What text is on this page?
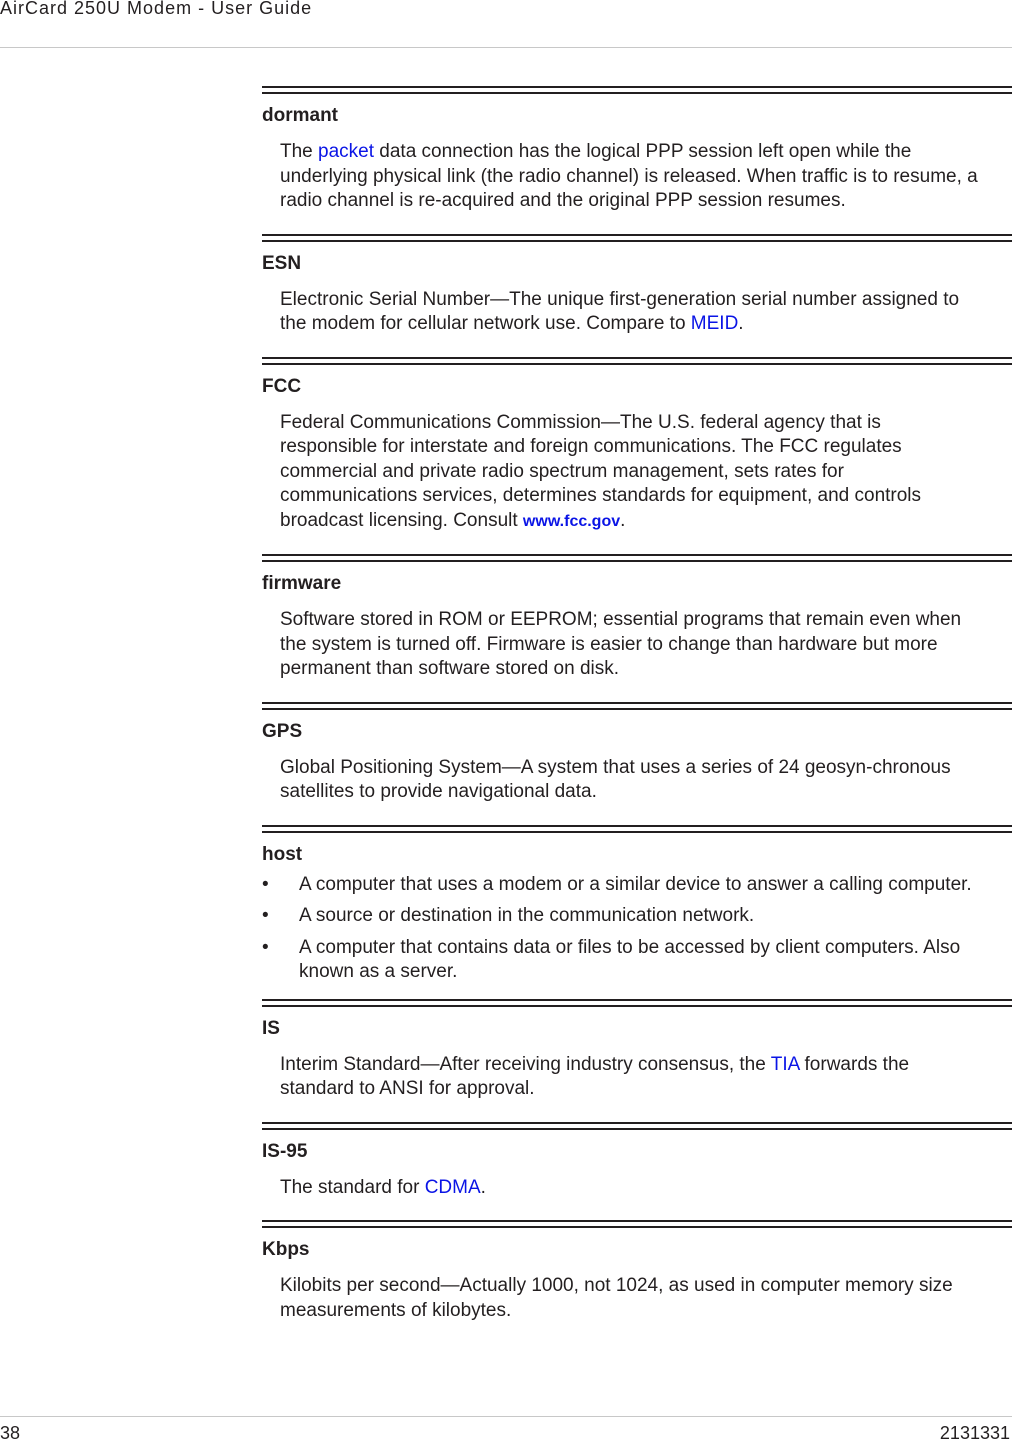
AirCard 250U Modem - User Guide
dormant
The packet data connection has the logical PPP session left open while the underlying physical link (the radio channel) is released. When traffic is to resume, a radio channel is re-acquired and the original PPP session resumes.
ESN
Electronic Serial Number—The unique first-generation serial number assigned to the modem for cellular network use. Compare to MEID.
FCC
Federal Communications Commission—The U.S. federal agency that is responsible for interstate and foreign communications. The FCC regulates commercial and private radio spectrum management, sets rates for communications services, determines standards for equipment, and controls broadcast licensing. Consult www.fcc.gov.
firmware
Software stored in ROM or EEPROM; essential programs that remain even when the system is turned off. Firmware is easier to change than hardware but more permanent than software stored on disk.
GPS
Global Positioning System—A system that uses a series of 24 geosyn-chronous satellites to provide navigational data.
host
• A computer that uses a modem or a similar device to answer a calling computer.
• A source or destination in the communication network.
• A computer that contains data or files to be accessed by client computers. Also known as a server.
IS
Interim Standard—After receiving industry consensus, the TIA forwards the standard to ANSI for approval.
IS-95
The standard for CDMA.
Kbps
Kilobits per second—Actually 1000, not 1024, as used in computer memory size measurements of kilobytes.
38	2131331
